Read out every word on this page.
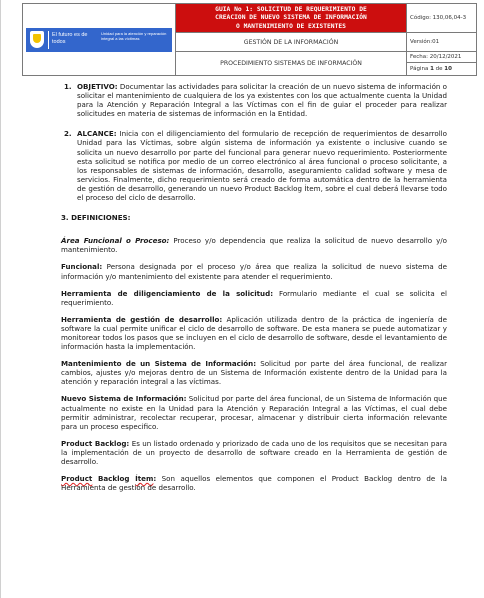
El futuro es de todos
Unidad para la atención y reparación integral a las víctimas
GUIA No 1: SOLICITUD DE REQUERIMIENTO DE
CREACION DE NUEVO SISTEMA DE INFORMACIÓN
O MANTENIMIENTO DE EXISTENTES
GESTIÓN DE LA INFORMACIÓN
PROCEDIMIENTO SISTEMAS DE INFORMACIÓN
Código: 130,06,04-3
Versión:01
Fecha: 20/12/2021
Página 1 de 10
1. OBJETIVO: Documentar las actividades para solicitar la creación de un nuevo sistema de información o solicitar el mantenimiento de cualquiera de los ya existentes con los que actualmente cuenta la Unidad para la Atención y Reparación Integral a las Víctimas con el fin de guiar el proceder para realizar solicitudes en materia de sistemas de información en la Entidad.
2. ALCANCE: Inicia con el diligenciamiento del formulario de recepción de requerimientos de desarrollo Unidad para las Víctimas, sobre algún sistema de información ya existente o inclusive cuando se solicita un nuevo desarrollo por parte del funcional para generar nuevo requerimiento. Posteriormente esta solicitud se notifica por medio de un correo electrónico al área funcional o proceso solicitante, a los responsables de sistemas de información, desarrollo, aseguramiento calidad software y mesa de servicios. Finalmente, dicho requerimiento será creado de forma automática dentro de la herramienta de gestión de desarrollo, generando un nuevo Product Backlog Ítem, sobre el cual deberá llevarse todo el proceso del ciclo de desarrollo.
3. DEFINICIONES:

Área Funcional o Proceso: Proceso y/o dependencia que realiza la solicitud de nuevo desarrollo y/o mantenimiento.

Funcional: Persona designada por el proceso y/o área que realiza la solicitud de nuevo sistema de información y/o mantenimiento del existente para atender el requerimiento.

Herramienta de diligenciamiento de la solicitud: Formulario mediante el cual se solicita el requerimiento.

Herramienta de gestión de desarrollo: Aplicación utilizada dentro de la práctica de ingeniería de software la cual permite unificar el ciclo de desarrollo de software. De esta manera se puede automatizar y monitorear todos los pasos que se incluyen en el ciclo de desarrollo de software, desde el levantamiento de información hasta la implementación.

Mantenimiento de un Sistema de Información: Solicitud por parte del área funcional, de realizar cambios, ajustes y/o mejoras dentro de un Sistema de Información existente dentro de la Unidad para la atención y reparación integral a las víctimas.

Nuevo Sistema de Información: Solicitud por parte del área funcional, de un Sistema de Información que actualmente no existe en la Unidad para la Atención y Reparación Integral a las Víctimas, el cual debe permitir administrar, recolectar recuperar, procesar, almacenar y distribuir cierta información relevante para un proceso especifico.

Product Backlog: Es un listado ordenado y priorizado de cada uno de los requisitos que se necesitan para la implementación de un proyecto de desarrollo de software creado en la Herramienta de gestión de desarrollo.

Product Backlog Ítem: Son aquellos elementos que componen el Product Backlog dentro de la Herramienta de gestión de desarrollo.
